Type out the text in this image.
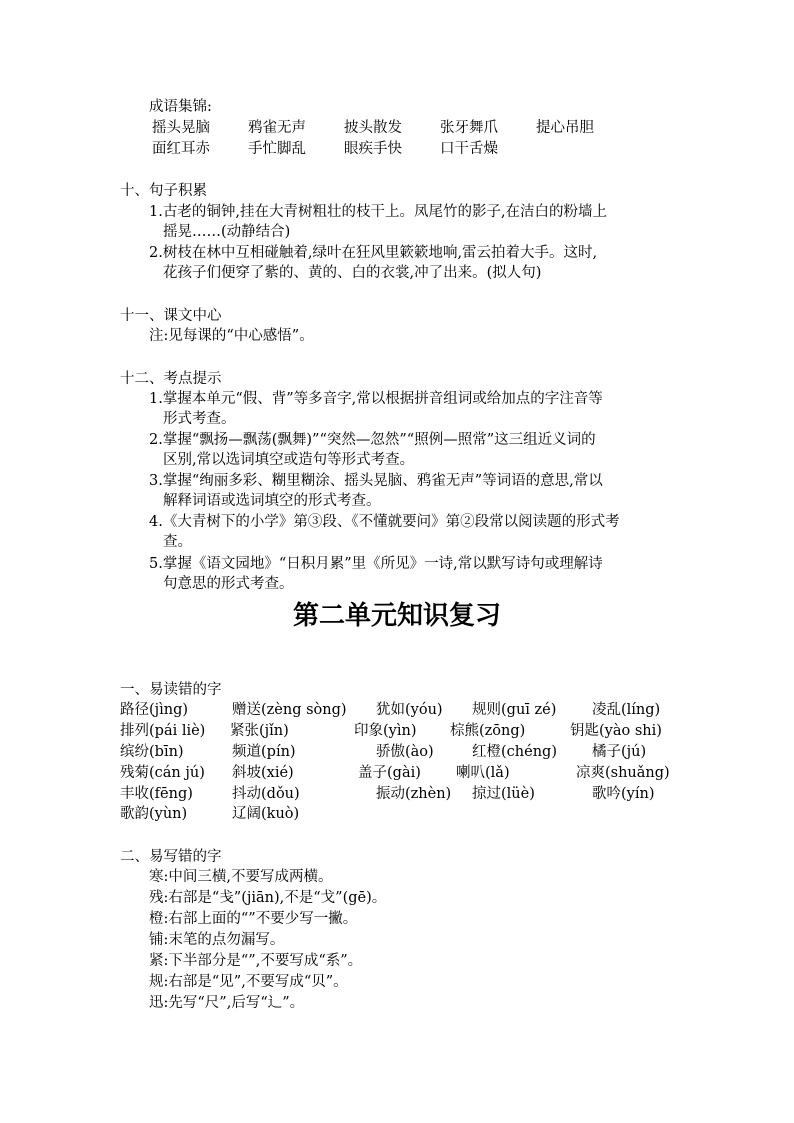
成语集锦:
摇头晃脑	鸦雀无声	披头散发	张牙舞爪	提心吊胆
面红耳赤	手忙脚乱	眼疾手快	口干舌燥
十、句子积累
1.古老的铜钟,挂在大青树粗壮的枝干上。凤尾竹的影子,在洁白的粉墙上
摇晃……(动静结合)
2.树枝在林中互相碰触着,绿叶在狂风里簌簌地响,雷云拍着大手。这时,
花孩子们便穿了紫的、黄的、白的衣裳,冲了出来。(拟人句)
十一、课文中心
注:见每课的“中心感悟”。
十二、考点提示
1.掌握本单元“假、背”等多音字,常以根据拼音组词或给加点的字注音等
形式考查。
2.掌握“飘扬—飘荡(飘舞)”“突然—忽然”“照例—照常”这三组近义词的
区别,常以选词填空或造句等形式考查。
3.掌握“绚丽多彩、糊里糊涂、摇头晃脑、鸦雀无声”等词语的意思,常以
解释词语或选词填空的形式考查。
4.《大青树下的小学》第③段、《不懂就要问》第②段常以阅读题的形式考
查。
5.掌握《语文园地》“日积月累”里《所见》一诗,常以默写诗句或理解诗
句意思的形式考查。
第二单元知识复习
一、易读错的字
路径(jìng)	赠送(zèng sòng) 犹如(yóu) 规则(guī zé) 凌乱(líng)
排列(pái liè) 紧张(jǐn)	印象(yìn) 棕熊(zōng)	钥匙(yào shi)
缤纷(bīn)	频道(pín)	骄傲(ào)	红橙(chéng) 橘子(jú)
残菊(cán jú) 斜坡(xié)	盖子(gài) 喇叭(lǎ)	凉爽(shuǎng)
丰收(fēng)	抖动(dǒu)	振动(zhèn) 掠过(lüè)	歌吟(yín)
歌韵(yùn)	辽阔(kuò)
二、易写错的字
寒:中间三横,不要写成两横。
残:右部是“戋”(jiān),不是“戈”(gē)。
橙:右部上面的“”不要少写一撇。
铺:末笔的点勿漏写。
紧:下半部分是“”,不要写成“系”。
规:右部是“见”,不要写成“贝”。
迅:先写“尺”,后写“辶”。
